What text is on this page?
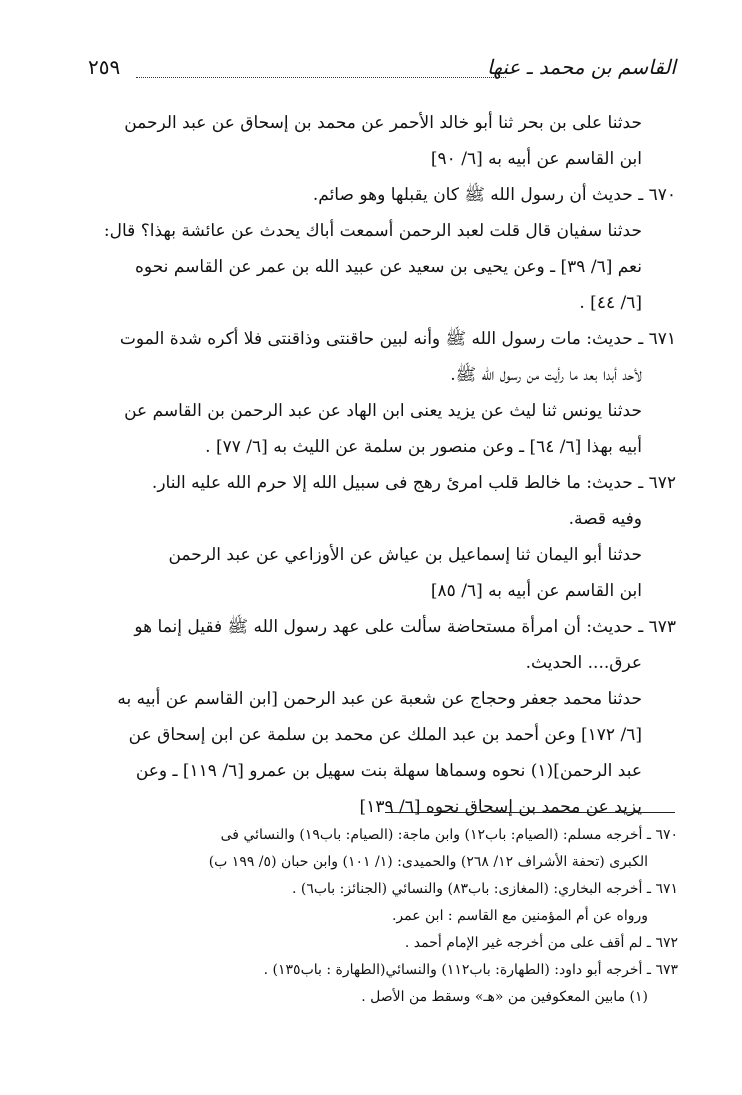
القاسم بن محمد ـ عنها
٢٥٩
حدثنا على بن بحر ثنا أبو خالد الأحمر عن محمد بن إسحاق عن عبد الرحمن
ابن القاسم عن أبيه به [٦/ ٩٠]
٦٧٠ ـ حديث أن رسول الله ﷺ كان يقبلها وهو صائم.
حدثنا سفيان قال قلت لعبد الرحمن أسمعت أباك يحدث عن عائشة بهذا؟ قال:
نعم [٦/ ٣٩] ـ وعن يحيى بن سعيد عن عبيد الله بن عمر عن القاسم نحوه
[٦/ ٤٤] .
٦٧١ ـ حديث: مات رسول الله ﷺ وأنه لبين حاقنتى وذاقنتى فلا أكره شدة الموت
لأحد أبدا بعد ما رأيت من رسول الله ﷺ.
حدثنا يونس ثنا ليث عن يزيد يعنى ابن الهاد عن عبد الرحمن بن القاسم عن
أبيه بهذا [٦/ ٦٤] ـ وعن منصور بن سلمة عن الليث به [٦/ ٧٧] .
٦٧٢ ـ حديث: ما خالط قلب امرئ رهج فى سبيل الله إلا حرم الله عليه النار.
وفيه قصة.
حدثنا أبو اليمان ثنا إسماعيل بن عياش عن الأوزاعي عن عبد الرحمن
ابن القاسم عن أبيه به [٦/ ٨٥]
٦٧٣ ـ حديث: أن امرأة مستحاضة سألت على عهد رسول الله ﷺ فقيل إنما هو
عرق.... الحديث.
حدثنا محمد جعفر وحجاج عن شعبة عن عبد الرحمن [ابن القاسم عن أبيه به
[٦/ ١٧٢] وعن أحمد بن عبد الملك عن محمد بن سلمة عن ابن إسحاق عن
عبد الرحمن](١) نحوه وسماها سهلة بنت سهيل بن عمرو [٦/ ١١٩] ـ وعن
يزيد عن محمد بن إسحاق نحوه [٦/ ١٣٩]
٦٧٠ ـ أخرجه مسلم: (الصيام: باب١٢) وابن ماجة: (الصيام: باب١٩) والنسائي فى
الكبرى (تحفة الأشراف ١٢/ ٢٦٨) والحميدى: (١/ ١٠١) وابن حبان (٥/ ١٩٩ ب)
٦٧١ ـ أخرجه البخاري: (المغازى: باب٨٣) والنسائي (الجنائز: باب٦) .
ورواه عن أم المؤمنين مع القاسم : ابن عمر.
٦٧٢ ـ لم أقف على من أخرجه غير الإمام أحمد .
٦٧٣ ـ أخرجه أبو داود: (الطهارة: باب١١٢) والنسائي(الطهارة : باب١٣٥) .
(١) مابين المعكوفين من «هـ» وسقط من الأصل .
